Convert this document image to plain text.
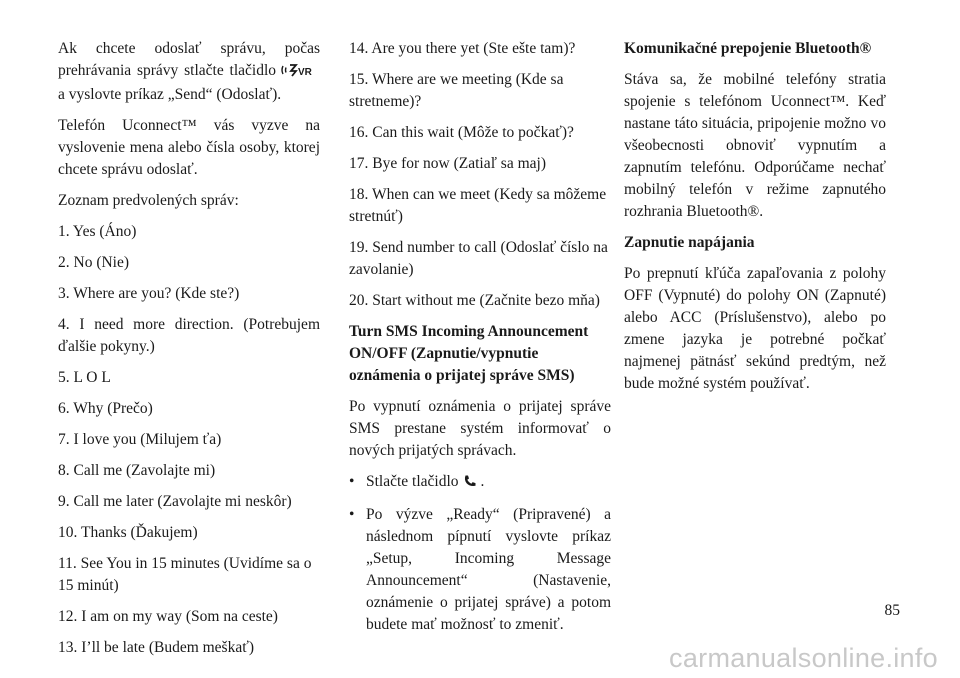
Ak chcete odoslať správu, počas prehrávania správy stlačte tlačidlo VR
a vyslovte príkaz „Send“ (Odoslať).

Telefón Uconnect™ vás vyzve na vyslovenie mena alebo čísla osoby, ktorej chcete správu odoslať.

Zoznam predvolených správ:

1. Yes (Áno)

2. No (Nie)

3. Where are you? (Kde ste?)

4. I need more direction. (Potrebujem ďalšie pokyny.)

5. L O L

6. Why (Prečo)

7. I love you (Milujem ťa)

8. Call me (Zavolajte mi)

9. Call me later (Zavolajte mi neskôr)

10. Thanks (Ďakujem)

11. See You in 15 minutes (Uvidíme sa o 15 minút)

12. I am on my way (Som na ceste)

13. I’ll be late (Budem meškať)

14. Are you there yet (Ste ešte tam)?

15. Where are we meeting (Kde sa stretneme)?

16. Can this wait (Môže to počkať)?

17. Bye for now (Zatiaľ sa maj)

18. When can we meet (Kedy sa môžeme stretnúť)

19. Send number to call (Odoslať číslo na zavolanie)

20. Start without me (Začnite bezo mňa)

Turn SMS Incoming Announcement ON/OFF (Zapnutie/vypnutie oznámenia o prijatej správe SMS)

Po vypnutí oznámenia o prijatej správe SMS prestane systém informovať o nových prijatých správach.

• Stlačte tlačidlo .
• Po výzve „Ready“ (Pripravené) a následnom pípnutí vyslovte príkaz „Setup, Incoming Message Announcement“ (Nastavenie, oznámenie o prijatej správe) a potom budete mať možnosť to zmeniť.
Komunikačné prepojenie Bluetooth®

Stáva sa, že mobilné telefóny stratia spojenie s telefónom Uconnect™. Keď nastane táto situácia, pripojenie možno vo všeobecnosti obnoviť vypnutím a zapnutím telefónu. Odporúčame nechať mobilný telefón v režime zapnutého rozhrania Bluetooth®.

Zapnutie napájania

Po prepnutí kľúča zapaľovania z polohy OFF (Vypnuté) do polohy ON (Zapnuté) alebo ACC (Príslušenstvo), alebo po zmene jazyka je potrebné počkať najmenej pätnásť sekúnd predtým, než bude možné systém používať.

85
carmanualsonline.info
